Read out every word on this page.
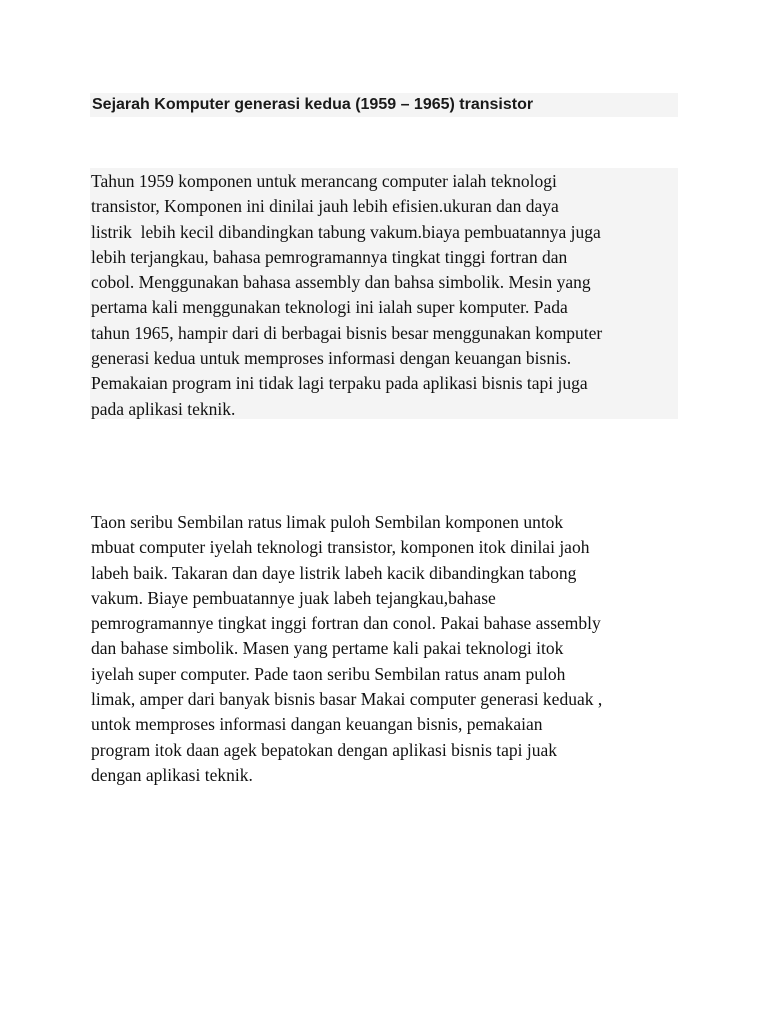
Sejarah Komputer generasi kedua (1959 – 1965) transistor

Tahun 1959 komponen untuk merancang computer ialah teknologi
transistor, Komponen ini dinilai jauh lebih efisien.ukuran dan daya
listrik  lebih kecil dibandingkan tabung vakum.biaya pembuatannya juga
lebih terjangkau, bahasa pemrogramannya tingkat tinggi fortran dan
cobol. Menggunakan bahasa assembly dan bahsa simbolik. Mesin yang
pertama kali menggunakan teknologi ini ialah super komputer. Pada
tahun 1965, hampir dari di berbagai bisnis besar menggunakan komputer
generasi kedua untuk memproses informasi dengan keuangan bisnis.
Pemakaian program ini tidak lagi terpaku pada aplikasi bisnis tapi juga
pada aplikasi teknik.

Taon seribu Sembilan ratus limak puloh Sembilan komponen untok
mbuat computer iyelah teknologi transistor, komponen itok dinilai jaoh
labeh baik. Takaran dan daye listrik labeh kacik dibandingkan tabong
vakum. Biaye pembuatannye juak labeh tejangkau,bahase
pemrogramannye tingkat inggi fortran dan conol. Pakai bahase assembly
dan bahase simbolik. Masen yang pertame kali pakai teknologi itok
iyelah super computer. Pade taon seribu Sembilan ratus anam puloh
limak, amper dari banyak bisnis basar Makai computer generasi keduak ,
untok memproses informasi dangan keuangan bisnis, pemakaian
program itok daan agek bepatokan dengan aplikasi bisnis tapi juak
dengan aplikasi teknik.
